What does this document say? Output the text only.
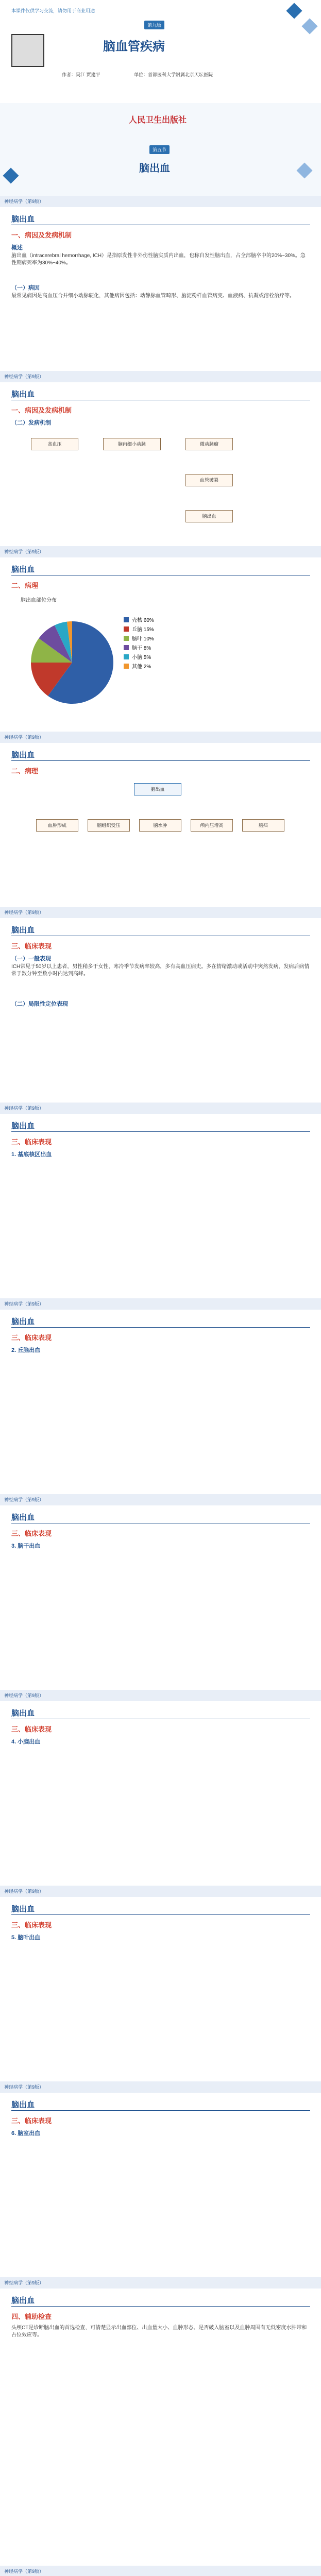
本课件仅供学习交流，请勿用于商业用途
第九版
脑血管疾病
作者：吴江 贾建平	单位：首都医科大学附属北京天坛医院
人民卫生出版社
第五节
脑出血
神经病学（第9版）
脑出血
一、病因及发病机制
概述
脑出血（intracerebral hemorrhage, ICH）是指原发性非外伤性脑实质内出血，也称自发性脑出血，占全部脑卒中的20%~30%。急性期病死率为30%~40%。
（一）病因
最常见病因是高血压合并细小动脉硬化，其他病因包括：动静脉血管畸形、脑淀粉样血管病变、血液病、抗凝或溶栓治疗等。
神经病学（第9版）
脑出血
一、病因及发病机制
（二）发病机制
高血压	脑内细小动脉	微动脉瘤
血管破裂
脑出血
神经病学（第9版）
脑出血
二、病理
脑出血部位分布
壳核 60%
丘脑 15%
脑叶 10%
脑干 8%
小脑 5%
其他 2%
神经病学（第9版）
脑出血
二、病理
脑出血
血肿形成	脑组织受压	脑水肿	颅内压增高	脑疝
神经病学（第9版）
脑出血
三、临床表现
（一）一般表现
ICH常见于50岁以上患者，男性稍多于女性，寒冷季节发病率较高，多有高血压病史。多在情绪激动或活动中突然发病，发病后病情常于数分钟至数小时内达到高峰。
（二）局限性定位表现
神经病学（第9版）
脑出血
三、临床表现
1. 基底核区出血
神经病学（第9版）
脑出血
三、临床表现
2. 丘脑出血
神经病学（第9版）
脑出血
三、临床表现
3. 脑干出血
神经病学（第9版）
脑出血
三、临床表现
4. 小脑出血
神经病学（第9版）
脑出血
三、临床表现
5. 脑叶出血
神经病学（第9版）
脑出血
三、临床表现
6. 脑室出血
神经病学（第9版）
脑出血
四、辅助检查
头颅CT是诊断脑出血的首选检查，可清楚显示出血部位、出血量大小、血肿形态、是否破入脑室以及血肿周围有无低密度水肿带和占位效应等。
神经病学（第9版）
